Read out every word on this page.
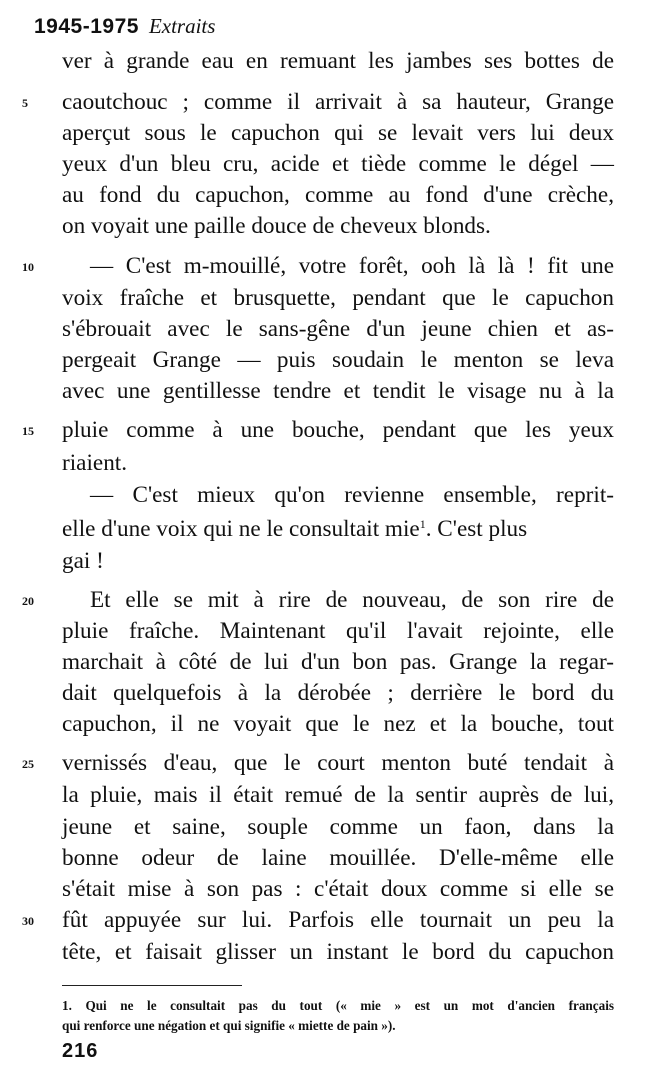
1945-1975 Extraits
ver à grande eau en remuant les jambes ses bottes de
caoutchouc ; comme il arrivait à sa hauteur, Grange
aperçut sous le capuchon qui se levait vers lui deux
yeux d'un bleu cru, acide et tiède comme le dégel —
au fond du capuchon, comme au fond d'une crèche,
on voyait une paille douce de cheveux blonds.
— C'est m-mouillé, votre forêt, ooh là là ! fit une
voix fraîche et brusquette, pendant que le capuchon
s'ébrouait avec le sans-gêne d'un jeune chien et as-
pergeait Grange — puis soudain le menton se leva
avec une gentillesse tendre et tendit le visage nu à la
pluie comme à une bouche, pendant que les yeux
riaient.
— C'est mieux qu'on revienne ensemble, reprit-
elle d'une voix qui ne le consultait mie$^1$. C'est plus
gai !
Et elle se mit à rire de nouveau, de son rire de
pluie fraîche. Maintenant qu'il l'avait rejointe, elle
marchait à côté de lui d'un bon pas. Grange la regar-
dait quelquefois à la dérobée ; derrière le bord du
capuchon, il ne voyait que le nez et la bouche, tout
vernissés d'eau, que le court menton buté tendait à
la pluie, mais il était remué de la sentir auprès de lui,
jeune et saine, souple comme un faon, dans la
bonne odeur de laine mouillée. D'elle-même elle
s'était mise à son pas : c'était doux comme si elle se
fût appuyée sur lui. Parfois elle tournait un peu la
tête, et faisait glisser un instant le bord du capuchon
5
10
15
20
25
30
1. Qui ne le consultait pas du tout (« mie » est un mot d'ancien français
qui renforce une négation et qui signifie « miette de pain »).
216
